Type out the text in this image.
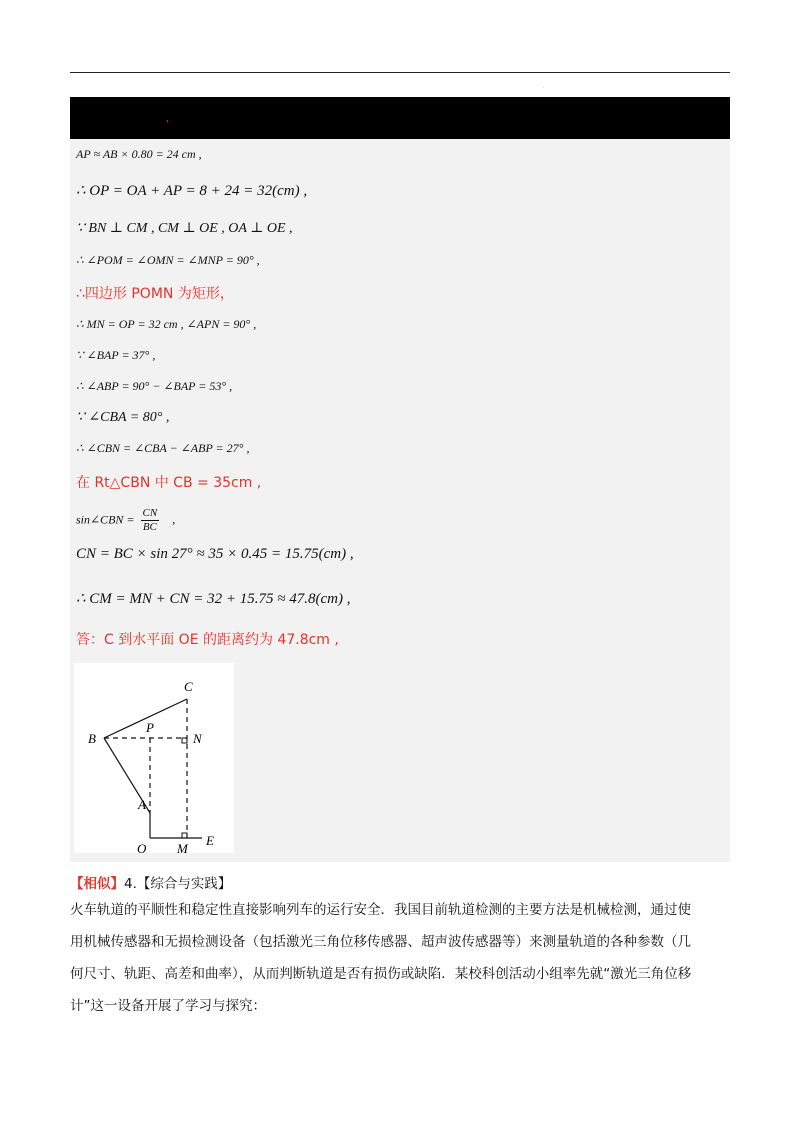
.
,
AP ≈ AB × 0.80 = 24 cm ,
∴ OP = OA + AP = 8 + 24 = 32(cm) ,
∵ BN ⊥ CM , CM ⊥ OE , OA ⊥ OE ,
∴ ∠POM = ∠OMN = ∠MNP = 90° ,
∴四边形 POMN 为矩形，
∴ MN = OP = 32 cm , ∠APN = 90° ,
∵ ∠BAP = 37° ,
∴ ∠ABP = 90° − ∠BAP = 53° ,
∵ ∠CBA = 80° ,
∴ ∠CBN = ∠CBA − ∠ABP = 27° ,
在 Rt△CBN 中 CB = 35cm ,
sin∠CBN = $\frac{CN}{BC}$ ,
CN = BC × sin 27° ≈ 35 × 0.45 = 15.75(cm) ,
∴ CM = MN + CN = 32 + 15.75 ≈ 47.8(cm) ,
答：C 到水平面 OE 的距离约为 47.8cm ,
C
B
P
N
A
O M
E
【相似】4.【综合与实践】
火车轨道的平顺性和稳定性直接影响列车的运行安全．我国目前轨道检测的主要方法是机械检测，通过使
用机械传感器和无损检测设备（包括激光三角位移传感器、超声波传感器等）来测量轨道的各种参数（几
何尺寸、轨距、高差和曲率），从而判断轨道是否有损伤或缺陷．某校科创活动小组率先就“激光三角位移
计”这一设备开展了学习与探究：
